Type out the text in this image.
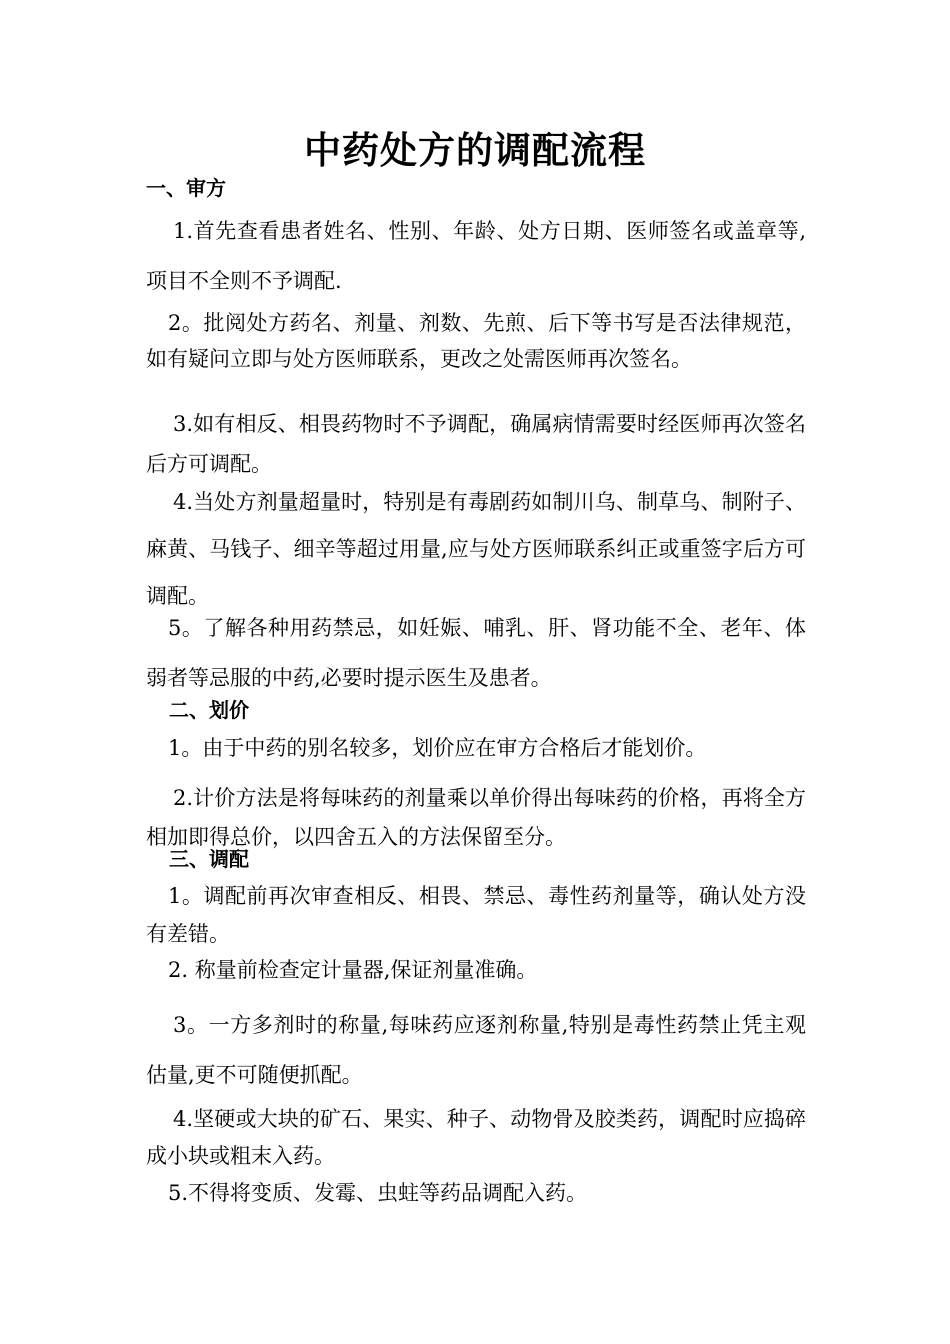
中药处方的调配流程
一、审方
1.首先查看患者姓名、性别、年龄、处方日期、医师签名或盖章等,项目不全则不予调配.
2。批阅处方药名、剂量、剂数、先煎、后下等书写是否法律规范，如有疑问立即与处方医师联系，更改之处需医师再次签名。
3.如有相反、相畏药物时不予调配，确属病情需要时经医师再次签名后方可调配。
4.当处方剂量超量时，特别是有毒剧药如制川乌、制草乌、制附子、麻黄、马钱子、细辛等超过用量,应与处方医师联系纠正或重签字后方可调配。
5。了解各种用药禁忌，如妊娠、哺乳、肝、肾功能不全、老年、体弱者等忌服的中药,必要时提示医生及患者。
二、划价
1。由于中药的别名较多，划价应在审方合格后才能划价。
2.计价方法是将每味药的剂量乘以单价得出每味药的价格，再将全方相加即得总价，以四舍五入的方法保留至分。
三、调配
1。调配前再次审查相反、相畏、禁忌、毒性药剂量等，确认处方没有差错。
2. 称量前检查定计量器,保证剂量准确。
3。一方多剂时的称量,每味药应逐剂称量,特别是毒性药禁止凭主观估量,更不可随便抓配。
4.坚硬或大块的矿石、果实、种子、动物骨及胶类药，调配时应捣碎成小块或粗末入药。
5.不得将变质、发霉、虫蛀等药品调配入药。
